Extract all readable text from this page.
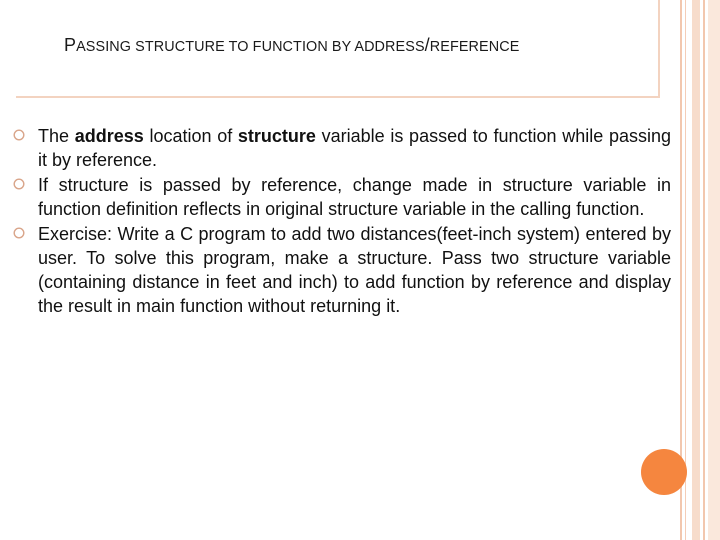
PASSING STRUCTURE TO FUNCTION BY ADDRESS/REFERENCE
The address location of structure variable is passed to function while passing it by reference.
If structure is passed by reference, change made in structure variable in function definition reflects in original structure variable in the calling function.
Exercise: Write a C program to add two distances(feet-inch system) entered by user. To solve this program, make a structure. Pass two structure variable (containing distance in feet and inch) to add function by reference and display the result in main function without returning it.
